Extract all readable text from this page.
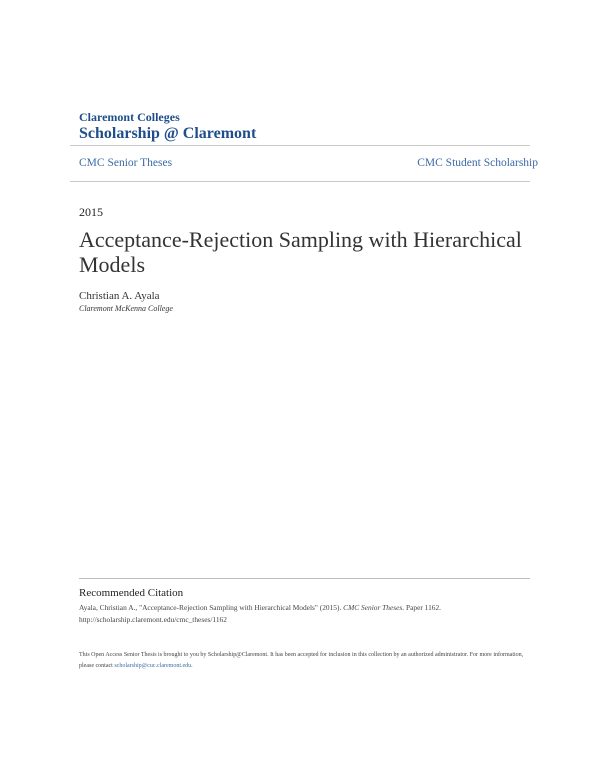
Claremont Colleges
Scholarship @ Claremont
CMC Senior Theses	CMC Student Scholarship
2015
Acceptance-Rejection Sampling with Hierarchical Models
Christian A. Ayala
Claremont McKenna College
Recommended Citation

Ayala, Christian A., "Acceptance-Rejection Sampling with Hierarchical Models" (2015). CMC Senior Theses. Paper 1162.
http://scholarship.claremont.edu/cmc_theses/1162

This Open Access Senior Thesis is brought to you by Scholarship@Claremont. It has been accepted for inclusion in this collection by an authorized administrator. For more information, please contact scholarship@cuc.claremont.edu.
